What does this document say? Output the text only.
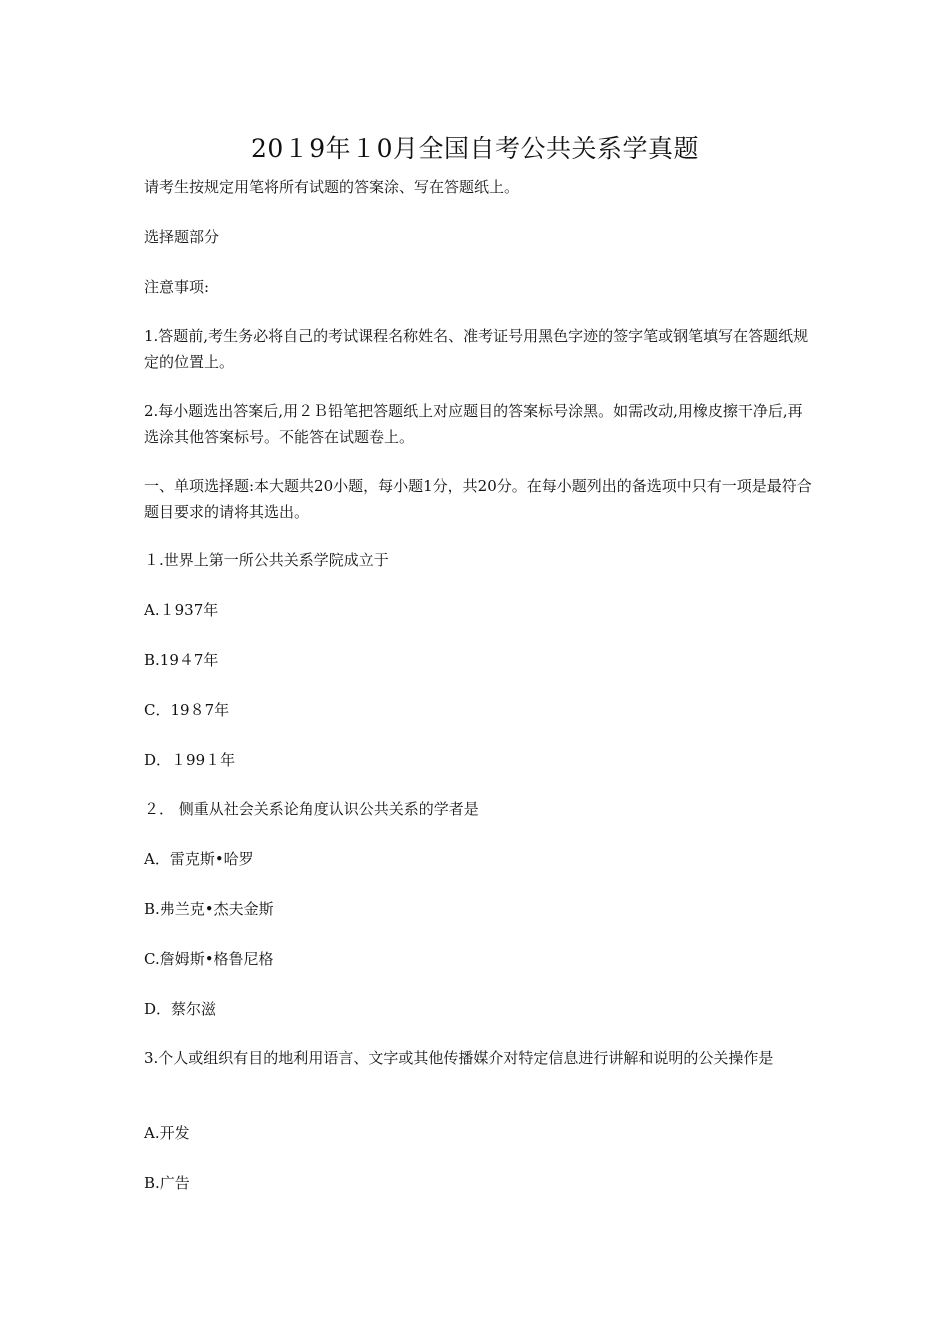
20１9年１0月全国自考公共关系学真题

请考生按规定用笔将所有试题的答案涂、写在答题纸上。

选择题部分

注意事项:

1.答题前,考生务必将自己的考试课程名称姓名、准考证号用黑色字迹的签字笔或钢笔填写在答题纸规定的位置上。

2.每小题选出答案后,用２Ｂ铅笔把答题纸上对应题目的答案标号涂黑。如需改动,用橡皮擦干净后,再选涂其他答案标号。不能答在试题卷上。

一、单项选择题:本大题共20小题，每小题1分，共20分。在每小题列出的备选项中只有一项是最符合题目要求的请将其选出。

１.世界上第一所公共关系学院成立于

A.１937年

B.19４7年

C．19８7年

D．１99１年

２． 侧重从社会关系论角度认识公共关系的学者是

A．雷克斯•哈罗

B.弗兰克•杰夫金斯

C.詹姆斯•格鲁尼格

D．蔡尔滋

3.个人或组织有目的地利用语言、文字或其他传播媒介对特定信息进行讲解和说明的公关操作是

A.开发

B.广告
